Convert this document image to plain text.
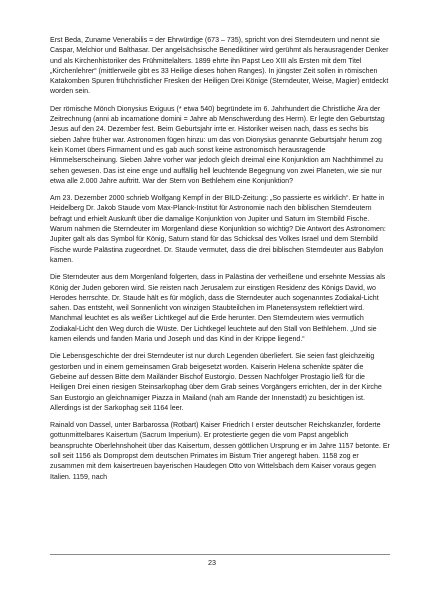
Erst Beda, Zuname Venerabilis = der Ehrwürdige (673 – 735), spricht von drei Sterndeutern und nennt sie Caspar, Melchior und Balthasar. Der angelsächsische Benediktiner wird gerühmt als herausragender Denker und als Kirchenhistoriker des Frühmittelalters. 1899 ehrte ihn Papst Leo XIII als Ersten mit dem Titel „Kirchenlehrer“ (mittlerweile gibt es 33 Heilige dieses hohen Ranges). In jüngster Zeit sollen in römischen Katakomben Spuren frühchristlicher Fresken der Heiligen Drei Könige (Sterndeuter, Weise, Magier) entdeckt worden sein.

Der römische Mönch Dionysius Exiguus (* etwa 540) begründete im 6. Jahrhundert die Christliche Ära der Zeitrechnung (anni ab incarnatione domini = Jahre ab Menschwerdung des Herrn). Er legte den Geburtstag Jesus auf den 24. Dezember fest. Beim Geburtsjahr irrte er. Historiker weisen nach, dass es sechs bis sieben Jahre früher war. Astronomen fügen hinzu: um das von Dionysius genannte Geburtsjahr herum zog kein Komet übers Firmament und es gab auch sonst keine astronomisch herausragende Himmelserscheinung. Sieben Jahre vorher war jedoch gleich dreimal eine Konjunktion am Nachthimmel zu sehen gewesen. Das ist eine enge und auffällig hell leuchtende Begegnung von zwei Planeten, wie sie nur etwa alle 2.000 Jahre auftritt. War der Stern von Bethlehem eine Konjunktion?

Am 23. Dezember 2000 schrieb Wolfgang Kempf in der BILD-Zeitung: „So passierte es wirklich“. Er hatte in Heidelberg Dr. Jakob Staude vom Max-Planck-Institut für Astronomie nach den biblischen Sterndeutern befragt und erhielt Auskunft über die damalige Konjunktion von Jupiter und Saturn im Sternbild Fische. Warum nahmen die Sterndeuter im Morgenland diese Konjunktion so wichtig? Die Antwort des Astronomen: Jupiter galt als das Symbol für König, Saturn stand für das Schicksal des Volkes Israel und dem Sternbild Fische wurde Palästina zugeordnet. Dr. Staude vermutet, dass die drei biblischen Sterndeuter aus Babylon kamen.

Die Sterndeuter aus dem Morgenland folgerten, dass in Palästina der verheißene und ersehnte Messias als König der Juden geboren wird. Sie reisten nach Jerusalem zur einstigen Residenz des Königs David, wo Herodes herrschte. Dr. Staude hält es für möglich, dass die Sterndeuter auch sogenanntes Zodiakal-Licht sahen. Das entsteht, weil Sonnenlicht von winzigen Staubteilchen im Planetensystem reflektiert wird. Manchmal leuchtet es als weißer Lichtkegel auf die Erde herunter. Den Sterndeutern wies vermutlich Zodiakal-Licht den Weg durch die Wüste. Der Lichtkegel leuchtete auf den Stall von Bethlehem. „Und sie kamen eilends und fanden Maria und Joseph und das Kind in der Krippe liegend.“

Die Lebensgeschichte der drei Sterndeuter ist nur durch Legenden überliefert. Sie seien fast gleichzeitig gestorben und in einem gemeinsamen Grab beigesetzt worden. Kaiserin Helena schenkte später die Gebeine auf dessen Bitte dem Mailänder Bischof Eustorgio. Dessen Nachfolger Prostagio ließ für die Heiligen Drei einen riesigen Steinsarkophag über dem Grab seines Vorgängers errichten, der in der Kirche San Eustorgio an gleichnamiger Piazza in Mailand (nah am Rande der Innenstadt) zu besichtigen ist. Allerdings ist der Sarkophag seit 1164 leer.

Rainald von Dassel, unter Barbarossa (Rotbart) Kaiser Friedrich I erster deutscher Reichskanzler, forderte gottunmittelbares Kaisertum (Sacrum Imperium). Er protestierte gegen die vom Papst angeblich beanspruchte Oberlehnshoheit über das Kaisertum, dessen göttlichen Ursprung er im Jahre 1157 betonte. Er soll seit 1156 als Dompropst dem deutschen Primates im Bistum Trier angeregt haben. 1158 zog er zusammen mit dem kaisertreuen bayerischen Haudegen Otto von Wittelsbach dem Kaiser voraus gegen Italien. 1159, nach

23
